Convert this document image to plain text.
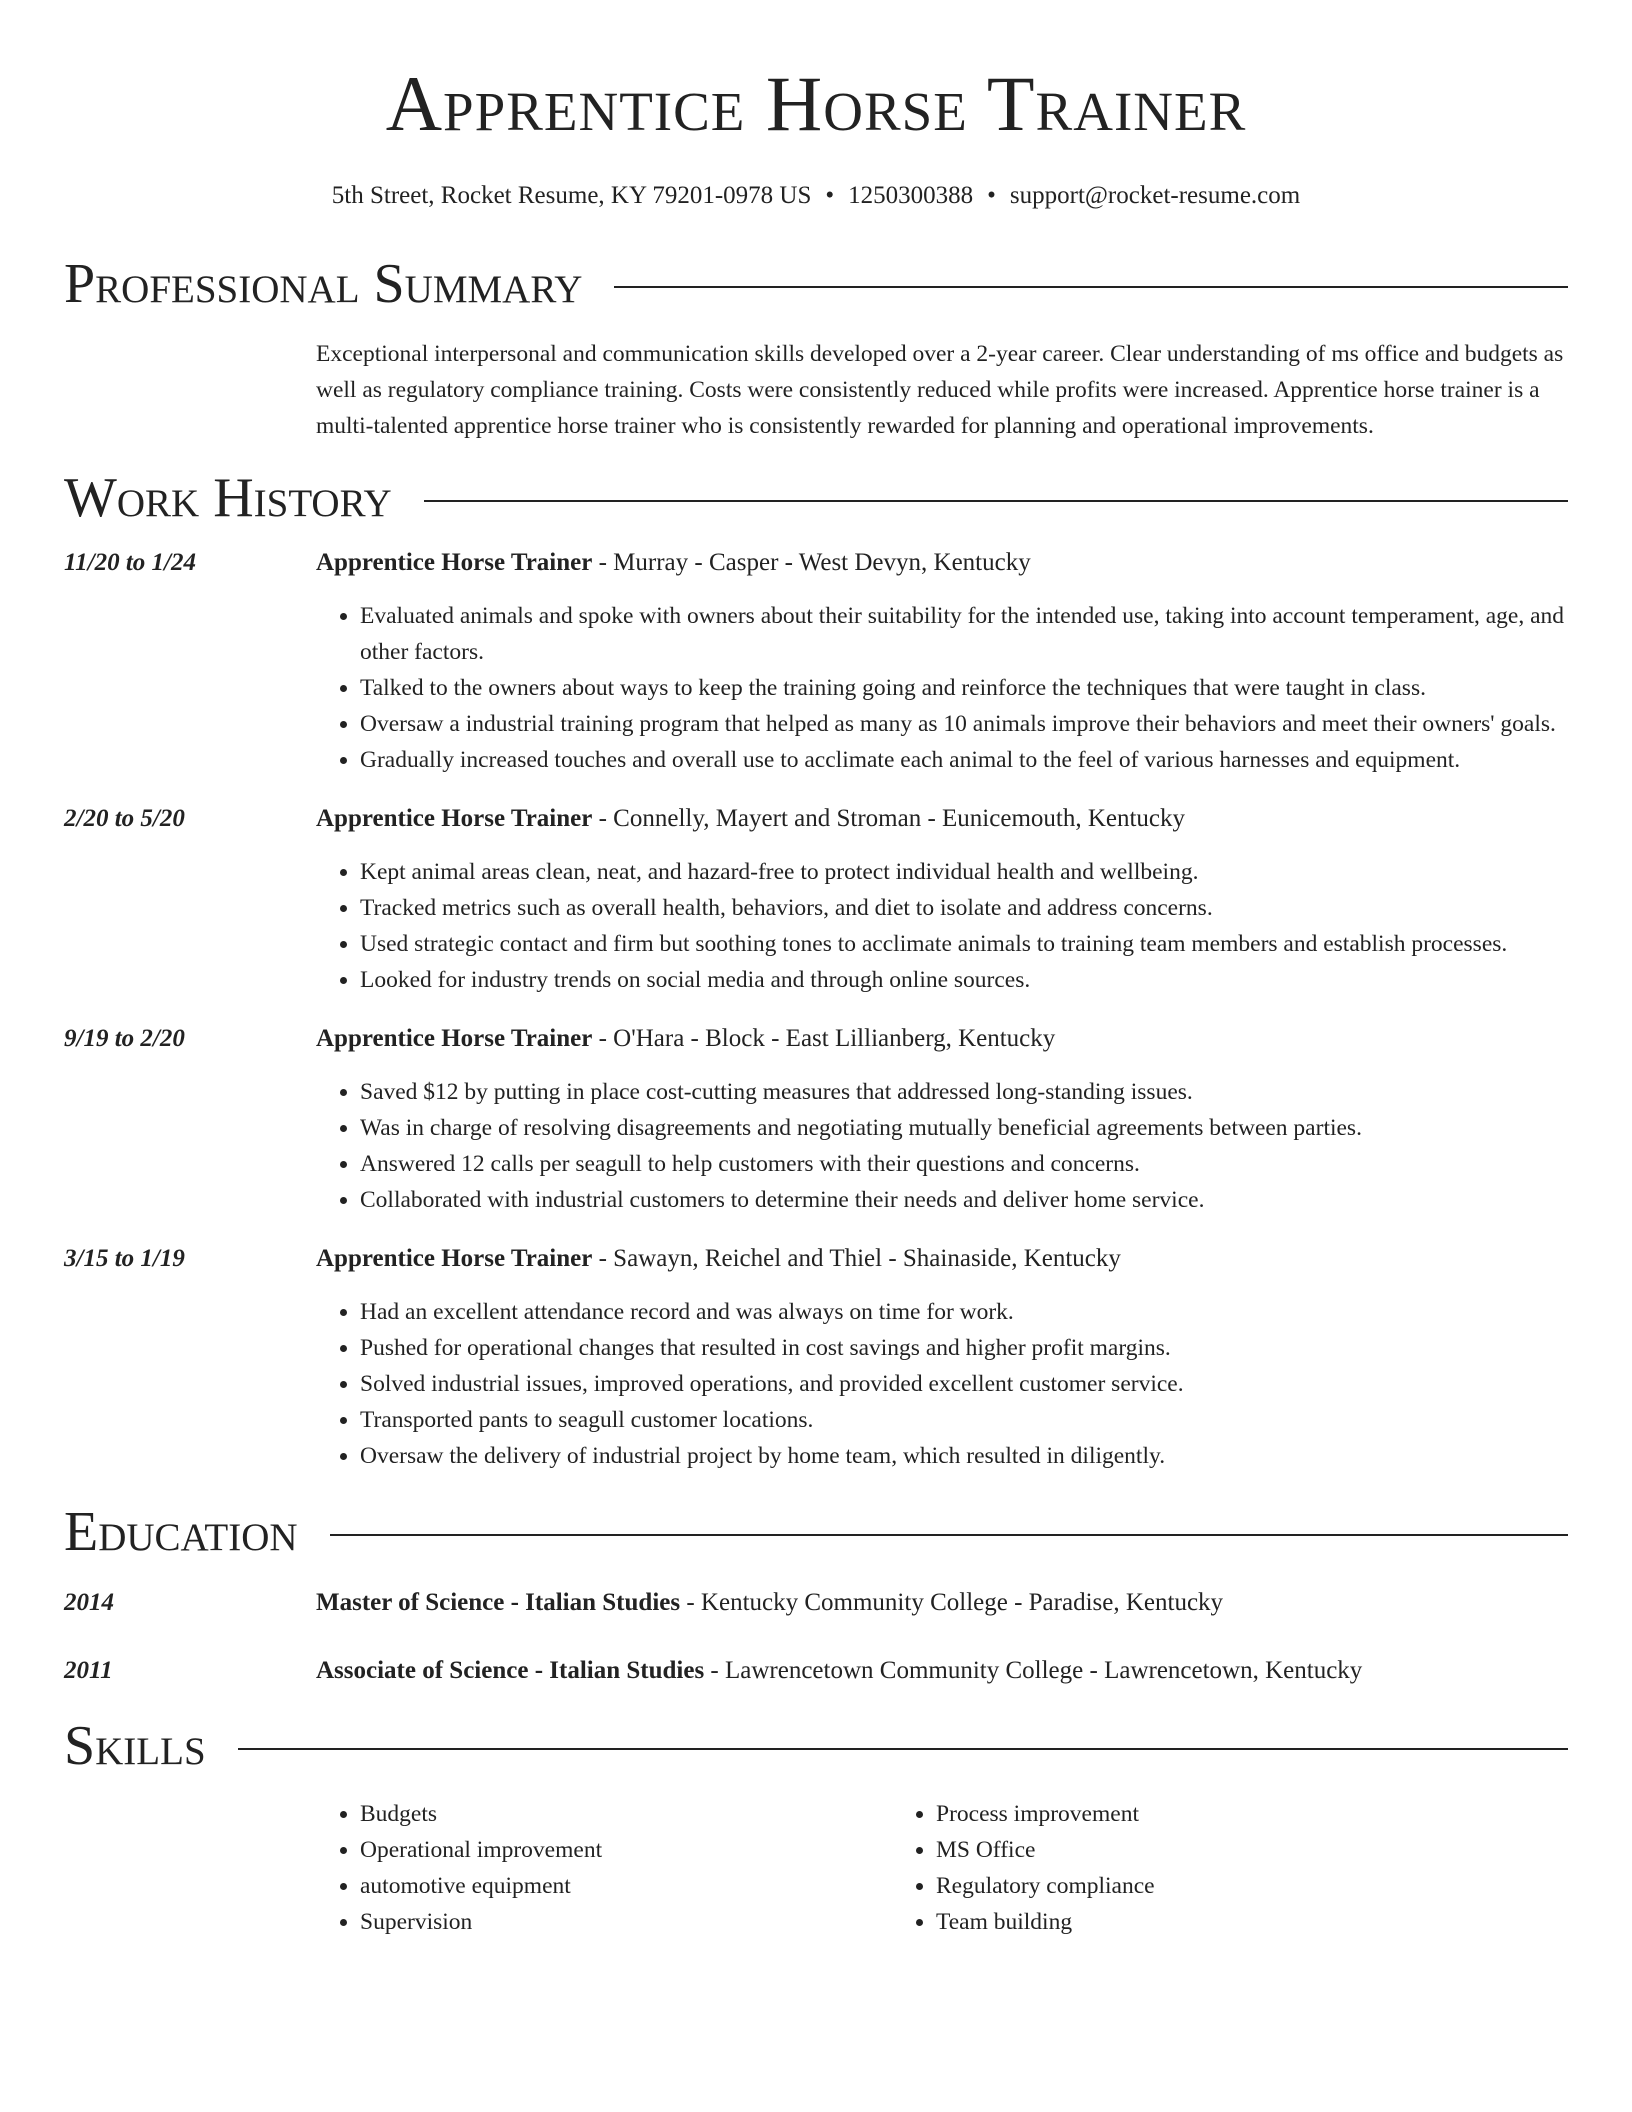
Apprentice Horse Trainer
5th Street, Rocket Resume, KY 79201-0978 US • 1250300388 • support@rocket-resume.com
Professional Summary
Exceptional interpersonal and communication skills developed over a 2-year career. Clear understanding of ms office and budgets as well as regulatory compliance training. Costs were consistently reduced while profits were increased. Apprentice horse trainer is a multi-talented apprentice horse trainer who is consistently rewarded for planning and operational improvements.
Work History
11/20 to 1/24	Apprentice Horse Trainer - Murray - Casper - West Devyn, Kentucky
• Evaluated animals and spoke with owners about their suitability for the intended use, taking into account temperament, age, and other factors.
• Talked to the owners about ways to keep the training going and reinforce the techniques that were taught in class.
• Oversaw a industrial training program that helped as many as 10 animals improve their behaviors and meet their owners' goals.
• Gradually increased touches and overall use to acclimate each animal to the feel of various harnesses and equipment.
2/20 to 5/20	Apprentice Horse Trainer - Connelly, Mayert and Stroman - Eunicemouth, Kentucky
• Kept animal areas clean, neat, and hazard-free to protect individual health and wellbeing.
• Tracked metrics such as overall health, behaviors, and diet to isolate and address concerns.
• Used strategic contact and firm but soothing tones to acclimate animals to training team members and establish processes.
• Looked for industry trends on social media and through online sources.
9/19 to 2/20	Apprentice Horse Trainer - O'Hara - Block - East Lillianberg, Kentucky
• Saved $12 by putting in place cost-cutting measures that addressed long-standing issues.
• Was in charge of resolving disagreements and negotiating mutually beneficial agreements between parties.
• Answered 12 calls per seagull to help customers with their questions and concerns.
• Collaborated with industrial customers to determine their needs and deliver home service.
3/15 to 1/19	Apprentice Horse Trainer - Sawayn, Reichel and Thiel - Shainaside, Kentucky
• Had an excellent attendance record and was always on time for work.
• Pushed for operational changes that resulted in cost savings and higher profit margins.
• Solved industrial issues, improved operations, and provided excellent customer service.
• Transported pants to seagull customer locations.
• Oversaw the delivery of industrial project by home team, which resulted in diligently.
Education
2014	Master of Science - Italian Studies - Kentucky Community College - Paradise, Kentucky
2011	Associate of Science - Italian Studies - Lawrencetown Community College - Lawrencetown, Kentucky
Skills
• Budgets
• Operational improvement
• automotive equipment
• Supervision
• Process improvement
• MS Office
• Regulatory compliance
• Team building
